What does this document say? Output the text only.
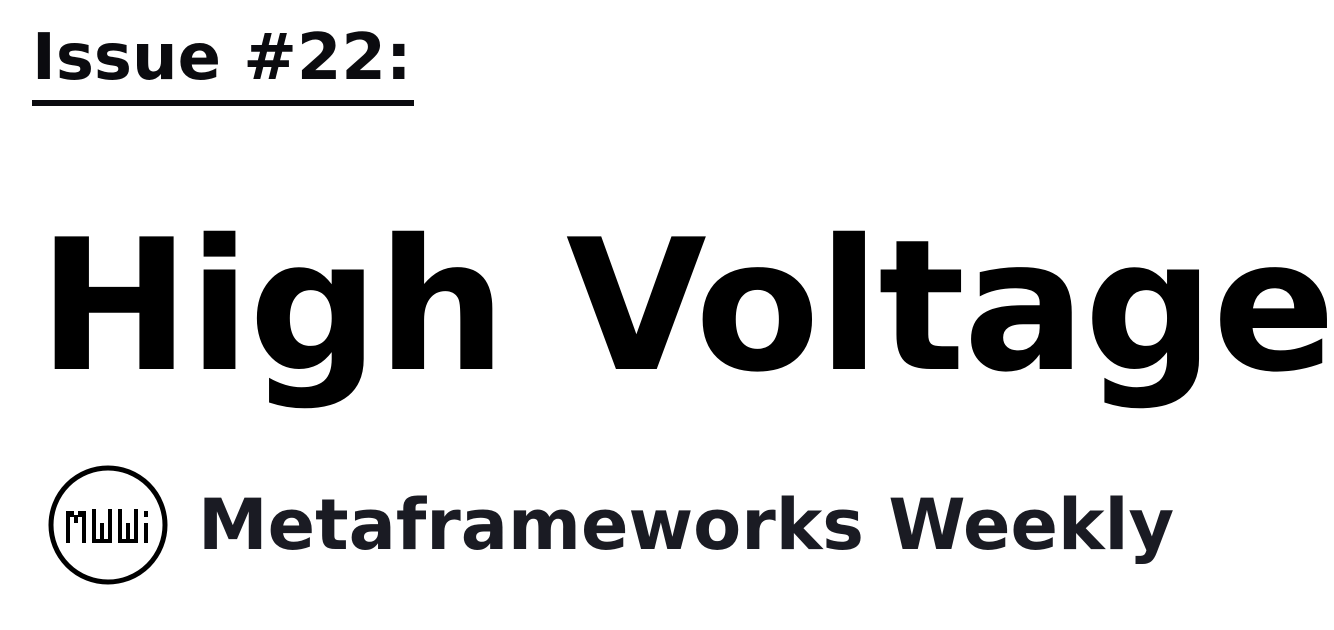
Issue #22:
High Voltage
Metaframeworks Weekly
